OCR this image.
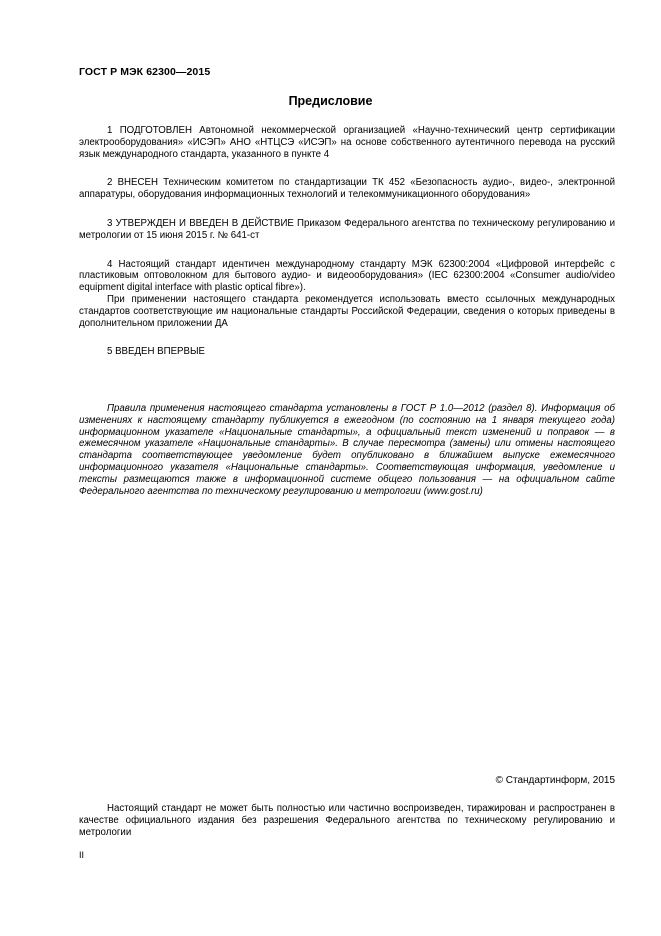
ГОСТ Р МЭК 62300—2015
Предисловие

1 ПОДГОТОВЛЕН Автономной некоммерческой организацией «Научно-технический центр сертификации электрооборудования» «ИСЭП» АНО «НТЦСЭ «ИСЭП» на основе собственного аутентичного перевода на русский язык международного стандарта, указанного в пункте 4

2 ВНЕСЕН Техническим комитетом по стандартизации ТК 452 «Безопасность аудио-, видео-, электронной аппаратуры, оборудования информационных технологий и телекоммуникационного оборудования»

3 УТВЕРЖДЕН И ВВЕДЕН В ДЕЙСТВИЕ Приказом Федерального агентства по техническому регулированию и метрологии от 15 июня 2015 г. № 641-ст

4 Настоящий стандарт идентичен международному стандарту МЭК 62300:2004 «Цифровой интерфейс с пластиковым оптоволокном для бытового аудио- и видеооборудования» (IEC 62300:2004 «Consumer audio/video equipment digital interface with plastic optical fibre»).

При применении настоящего стандарта рекомендуется использовать вместо ссылочных международных стандартов соответствующие им национальные стандарты Российской Федерации, сведения о которых приведены в дополнительном приложении ДА

5 ВВЕДЕН ВПЕРВЫЕ

Правила применения настоящего стандарта установлены в ГОСТ Р 1.0—2012 (раздел 8). Информация об изменениях к настоящему стандарту публикуется в ежегодном (по состоянию на 1 января текущего года) информационном указателе «Национальные стандарты», а официальный текст изменений и поправок — в ежемесячном указателе «Национальные стандарты». В случае пересмотра (замены) или отмены настоящего стандарта соответствующее уведомление будет опубликовано в ближайшем выпуске ежемесячного информационного указателя «Национальные стандарты». Соответствующая информация, уведомление и тексты размещаются также в информационной системе общего пользования — на официальном сайте Федерального агентства по техническому регулированию и метрологии (www.gost.ru)

© Стандартинформ, 2015

Настоящий стандарт не может быть полностью или частично воспроизведен, тиражирован и распространен в качестве официального издания без разрешения Федерального агентства по техническому регулированию и метрологии

II
